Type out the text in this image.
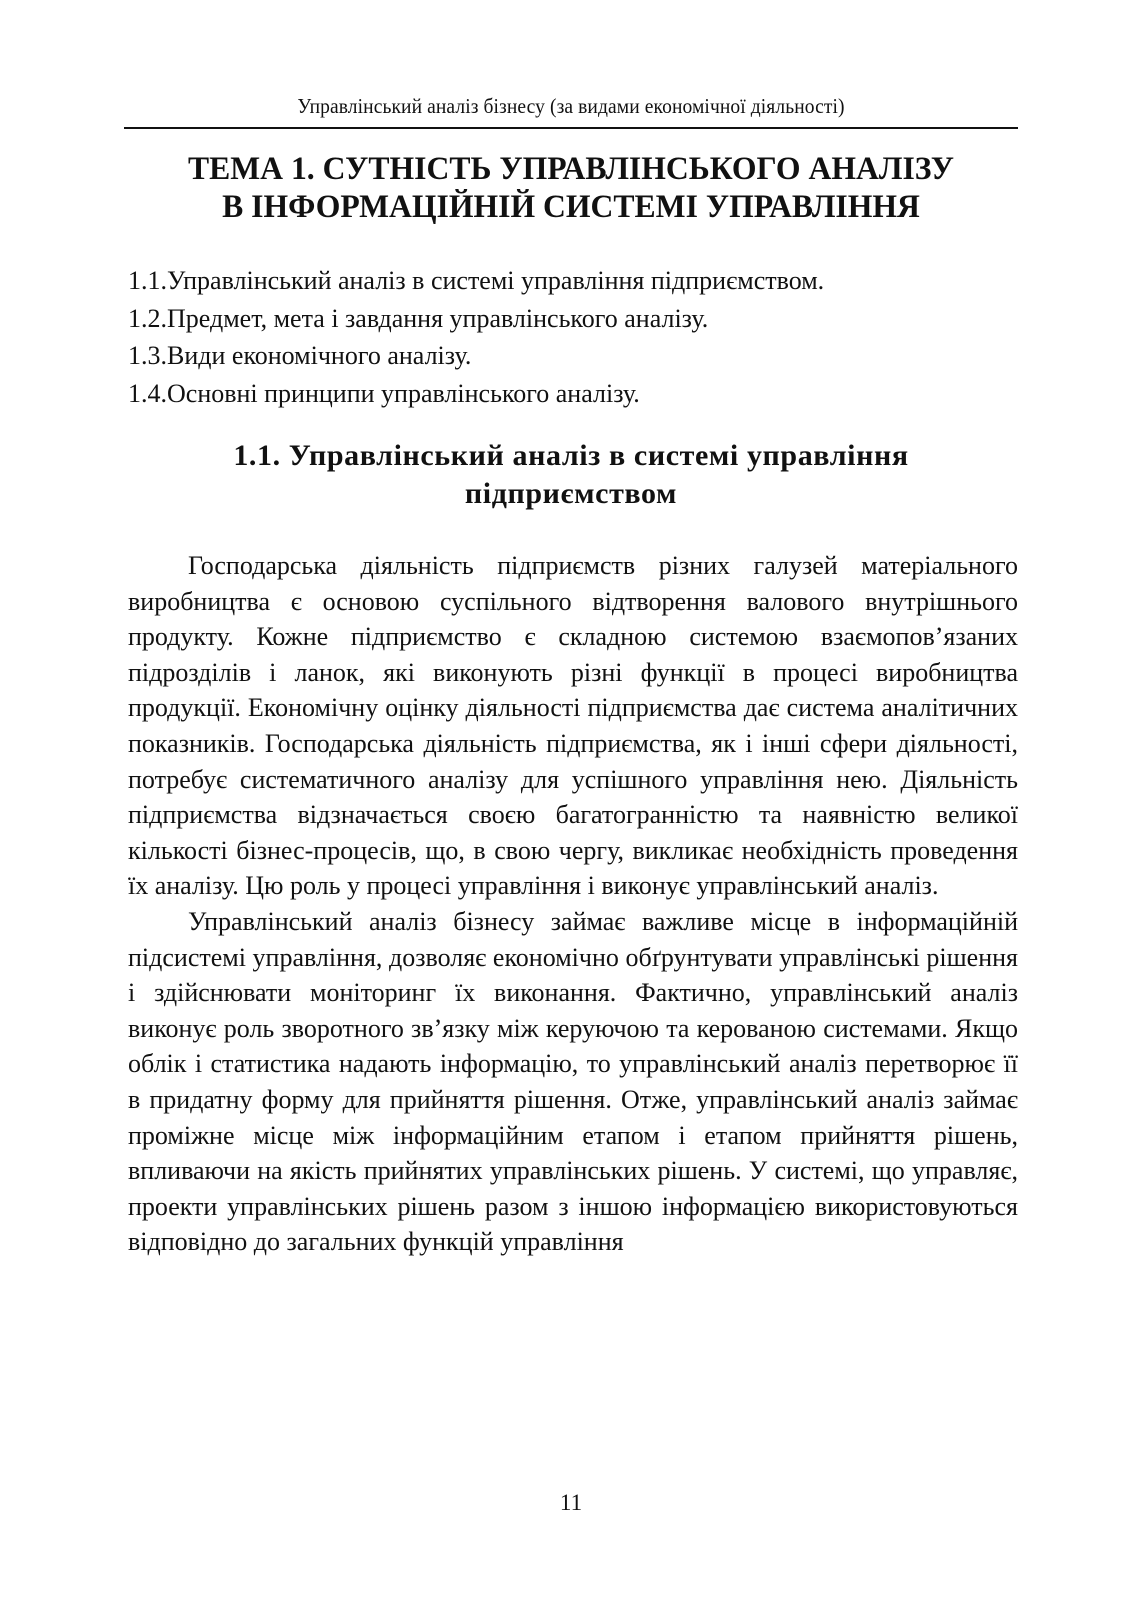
Управлінський аналіз бізнесу (за видами економічної діяльності)
ТЕМА 1. СУТНІСТЬ УПРАВЛІНСЬКОГО АНАЛІЗУ
В ІНФОРМАЦІЙНІЙ СИСТЕМІ УПРАВЛІННЯ
1.1.Управлінський аналіз в системі управління підприємством.
1.2.Предмет, мета і завдання управлінського аналізу.
1.3.Види економічного аналізу.
1.4.Основні принципи управлінського аналізу.
1.1. Управлінський аналіз в системі управління
підприємством

Господарська діяльність підприємств різних галузей матеріального виробництва є основою суспільного відтворення валового внутрішнього продукту. Кожне підприємство є складною системою взаємопов’язаних підрозділів і ланок, які виконують різні функції в процесі виробництва продукції. Економічну оцінку діяльності підприємства дає система аналітичних показників. Господарська діяльність підприємства, як і інші сфери діяльності, потребує систематичного аналізу для успішного управління нею. Діяльність підприємства відзначається своєю багатогранністю та наявністю великої кількості бізнес-процесів, що, в свою чергу, викликає необхідність проведення їх аналізу. Цю роль у процесі управління і виконує управлінський аналіз.

Управлінський аналіз бізнесу займає важливе місце в інформаційній підсистемі управління, дозволяє економічно обґрунтувати управлінські рішення і здійснювати моніторинг їх виконання. Фактично, управлінський аналіз виконує роль зворотного зв’язку між керуючою та керованою системами. Якщо облік і статистика надають інформацію, то управлінський аналіз перетворює її в придатну форму для прийняття рішення. Отже, управлінський аналіз займає проміжне місце між інформаційним етапом і етапом прийняття рішень, впливаючи на якість прийнятих управлінських рішень. У системі, що управляє, проекти управлінських рішень разом з іншою інформацією використовуються відповідно до загальних функцій управління

11
